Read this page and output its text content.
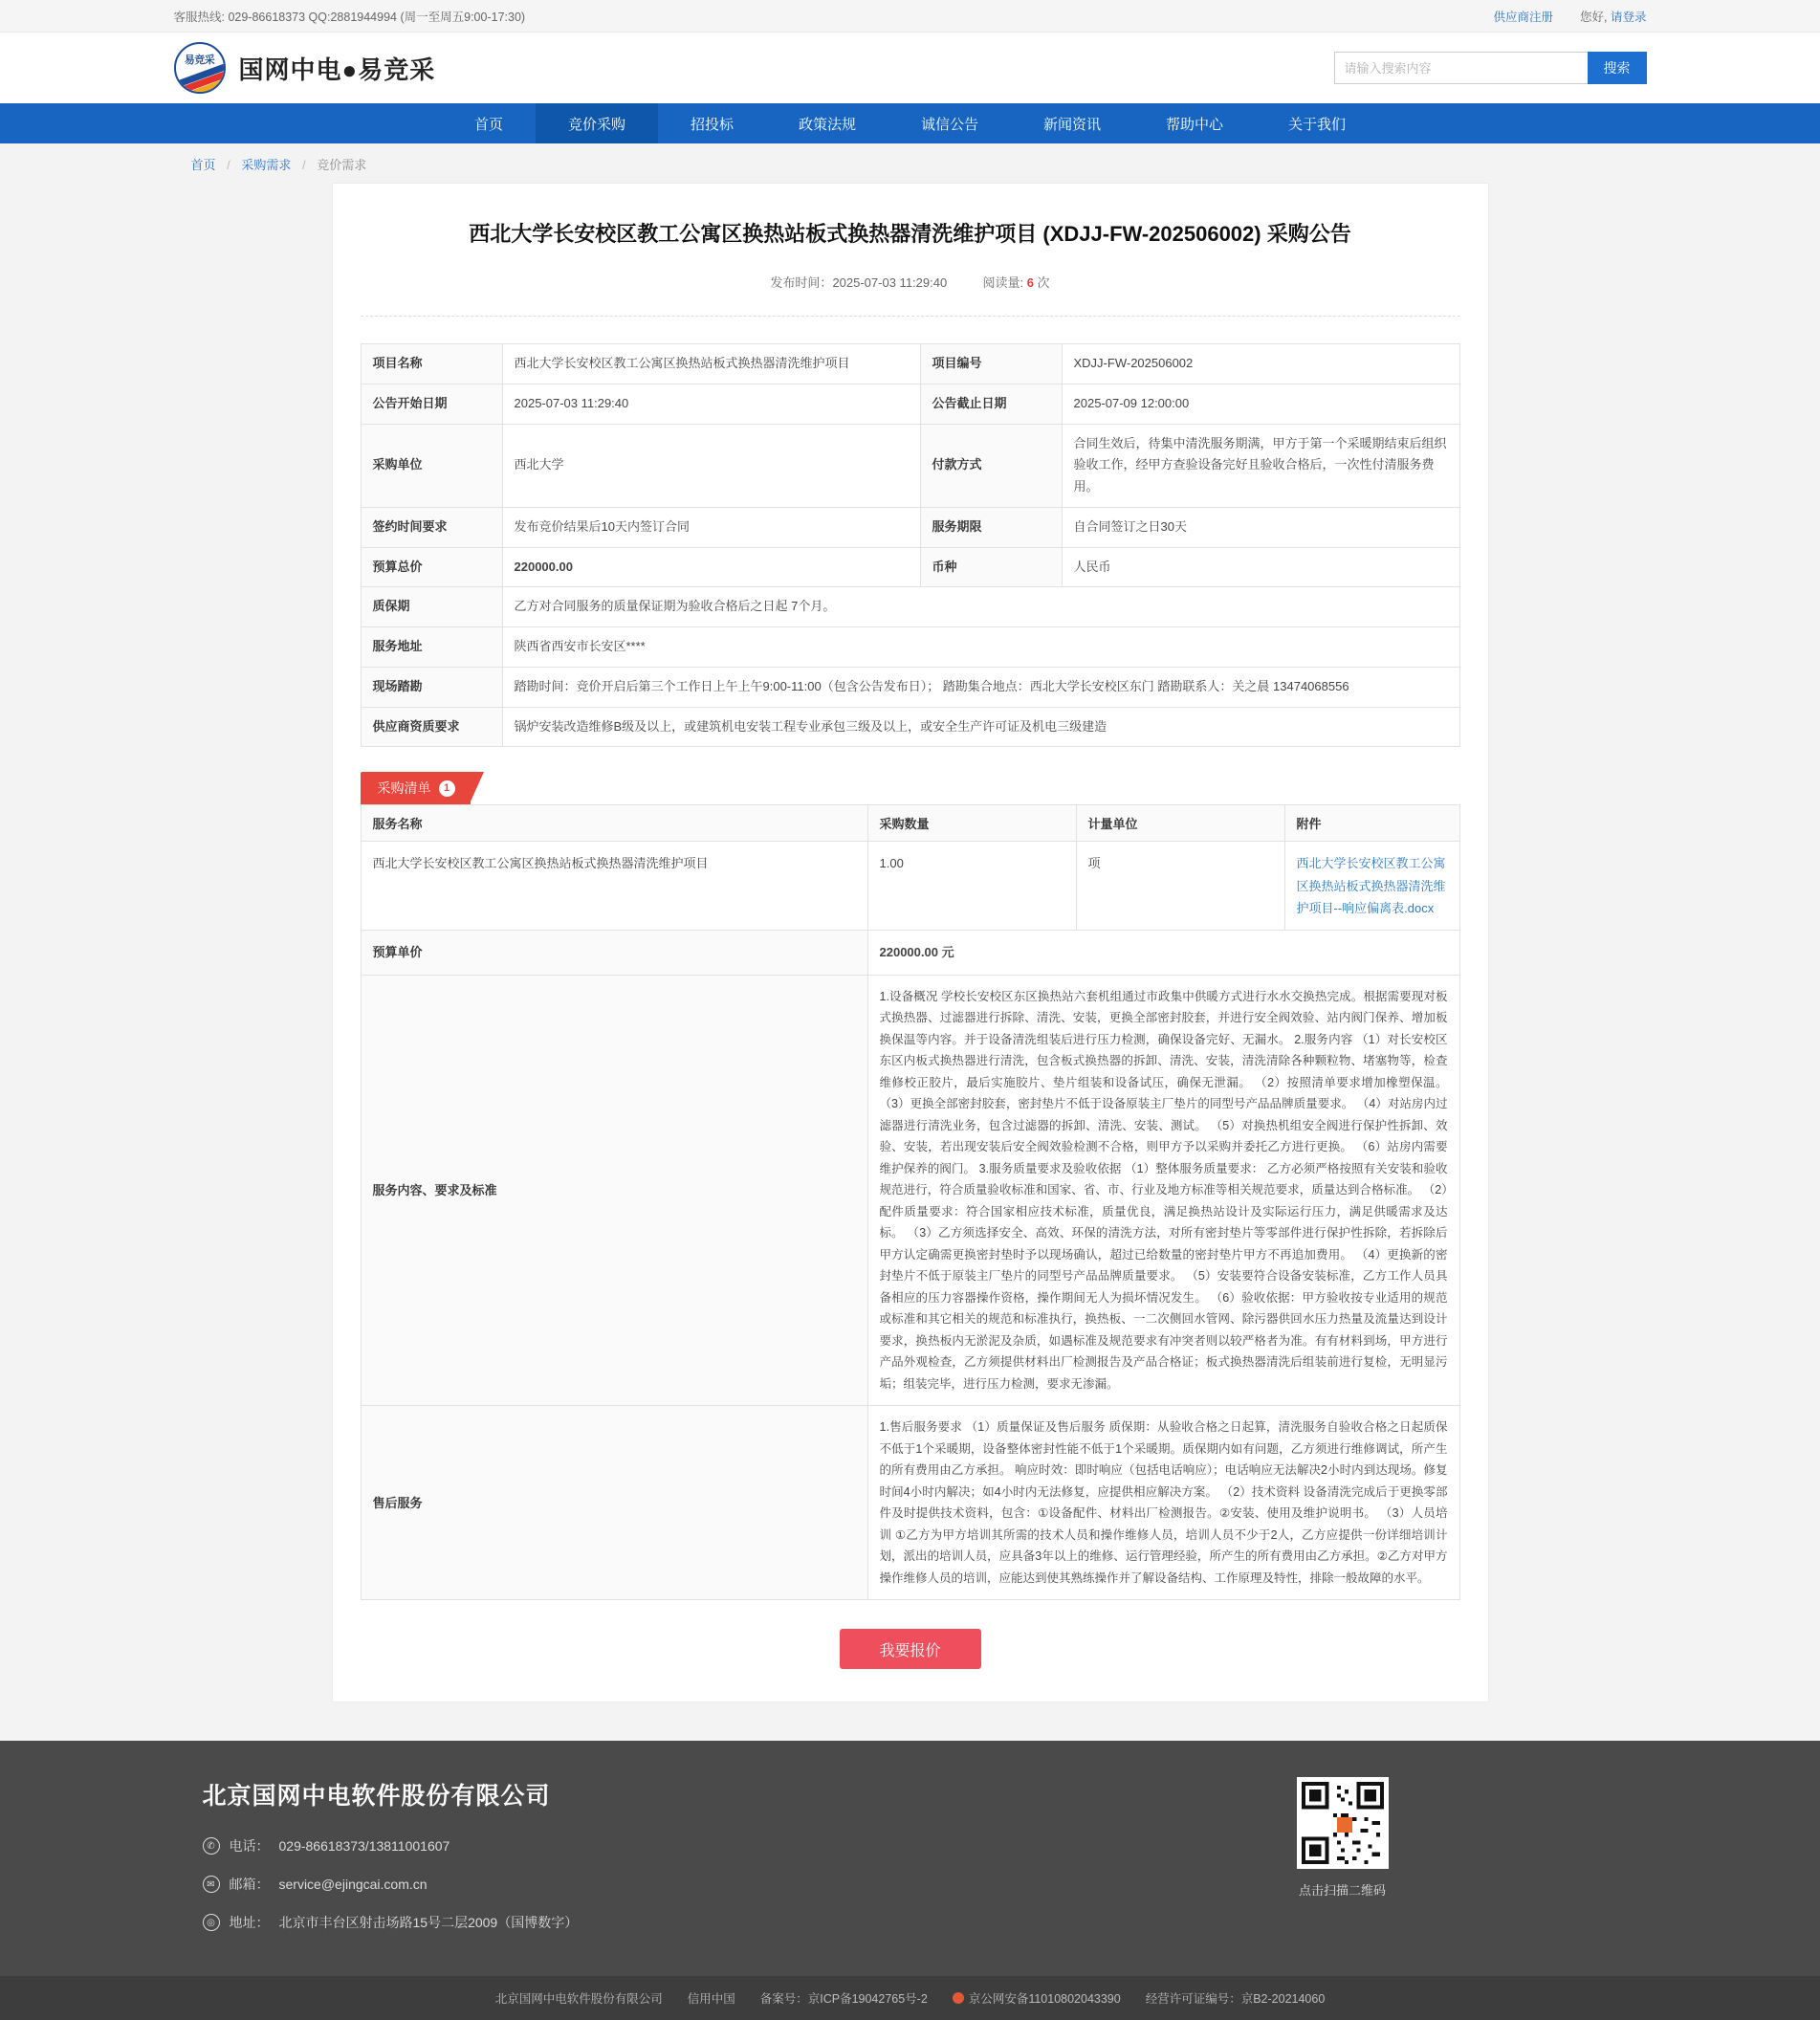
客服热线: 029-86618373 QQ:2881944994 (周一至周五9:00-17:30)	供应商注册 您好, 请登录
易竞采 国网中电●易竞采
请输入搜索内容	搜索
首页	竞价采购	招投标	政策法规	诚信公告	新闻资讯	帮助中心	关于我们
首页 / 采购需求 / 竞价需求
西北大学长安校区教工公寓区换热站板式换热器清洗维护项目 (XDJJ-FW-202506002) 采购公告
发布时间：2025-07-03 11:29:40	阅读量: 6 次
项目名称	西北大学长安校区教工公寓区换热站板式换热器清洗维护项目	项目编号	XDJJ-FW-202506002
公告开始日期	2025-07-03 11:29:40	公告截止日期	2025-07-09 12:00:00
采购单位	西北大学	付款方式	合同生效后，待集中清洗服务期满，甲方于第一个采暖期结束后组织验收工作，经甲方查验设备完好且验收合格后，一次性付清服务费用。
签约时间要求	发布竞价结果后10天内签订合同	服务期限	自合同签订之日30天
预算总价	220000.00	币种	人民币
质保期	乙方对合同服务的质量保证期为验收合格后之日起 7个月。		
服务地址	陕西省西安市长安区****		
现场踏勘	踏勘时间：竞价开启后第三个工作日上午上午9:00-11:00（包含公告发布日）； 踏勘集合地点：西北大学长安校区东门 踏勘联系人：关之晨 13474068556		
供应商资质要求	锅炉安装改造维修B级及以上，或建筑机电安装工程专业承包三级及以上，或安全生产许可证及机电三级建造		
采购清单	1
服务名称	采购数量	计量单位	附件
西北大学长安校区教工公寓区换热站板式换热器清洗维护项目	1.00	项	西北大学长安校区教工公寓区换热站板式换热器清洗维护项目--响应偏离表.docx
预算单价	220000.00 元		
服务内容、要求及标准	1.设备概况 学校长安校区东区换热站六套机组通过市政集中供暖方式进行水水交换热完成。根据需要现对板式换热器、过滤器进行拆除、清洗、安装，更换全部密封胶套，并进行安全阀效验、站内阀门保养、增加板换保温等内容。并于设备清洗组装后进行压力检测，确保设备完好、无漏水。 2.服务内容 （1）对长安校区东区内板式换热器进行清洗，包含板式换热器的拆卸、清洗、安装，清洗清除各种颗粒物、堵塞物等，检查维修校正胶片，最后实施胶片、垫片组装和设备试压，确保无泄漏。 （2）按照清单要求增加橡塑保温。 （3）更换全部密封胶套，密封垫片不低于设备原装主厂垫片的同型号产品品牌质量要求。 （4）对站房内过滤器进行清洗业务，包含过滤器的拆卸、清洗、安装、测试。 （5）对换热机组安全阀进行保护性拆卸、效验、安装，若出现安装后安全阀效验检测不合格，则甲方予以采购并委托乙方进行更换。 （6）站房内需要维护保养的阀门。 3.服务质量要求及验收依据 （1）整体服务质量要求： 乙方必须严格按照有关安装和验收规范进行，符合质量验收标准和国家、省、市、行业及地方标准等相关规范要求，质量达到合格标准。 （2）配件质量要求：符合国家相应技术标准，质量优良，满足换热站设计及实际运行压力，满足供暖需求及达标。 （3）乙方须选择安全、高效、环保的清洗方法，对所有密封垫片等零部件进行保护性拆除，若拆除后甲方认定确需更换密封垫时予以现场确认，超过已给数量的密封垫片甲方不再追加费用。 （4）更换新的密封垫片不低于原装主厂垫片的同型号产品品牌质量要求。 （5）安装要符合设备安装标准，乙方工作人员具备相应的压力容器操作资格，操作期间无人为损坏情况发生。 （6）验收依据：甲方验收按专业适用的规范或标准和其它相关的规范和标准执行，换热板、一二次侧回水管网、除污器供回水压力热量及流量达到设计要求，换热板内无淤泥及杂质，如遇标准及规范要求有冲突者则以较严格者为准。有有材料到场，甲方进行产品外观检查，乙方须提供材料出厂检测报告及产品合格证；板式换热器清洗后组装前进行复检，无明显污垢；组装完毕，进行压力检测，要求无渗漏。		
售后服务	1.售后服务要求 （1）质量保证及售后服务 质保期：从验收合格之日起算，清洗服务自验收合格之日起质保不低于1个采暖期，设备整体密封性能不低于1个采暖期。质保期内如有问题，乙方须进行维修调试，所产生的所有费用由乙方承担。 响应时效：即时响应（包括电话响应）；电话响应无法解决2小时内到达现场。修复时间4小时内解决；如4小时内无法修复，应提供相应解决方案。 （2）技术资料 设备清洗完成后于更换零部件及时提供技术资料，包含：①设备配件、材料出厂检测报告。②安装、使用及维护说明书。 （3）人员培训 ①乙方为甲方培训其所需的技术人员和操作维修人员，培训人员不少于2人，乙方应提供一份详细培训计划，派出的培训人员，应具备3年以上的维修、运行管理经验，所产生的所有费用由乙方承担。②乙方对甲方操作维修人员的培训，应能达到使其熟练操作并了解设备结构、工作原理及特性，排除一般故障的水平。		
我要报价
北京国网中电软件股份有限公司
✆	电话： 029-86618373/13811001607
✉	邮箱： service@ejingcai.com.cn
◎	地址： 北京市丰台区射击场路15号二层2009（国博数字）
点击扫描二维码
北京国网中电软件股份有限公司 信用中国 备案号：京ICP备19042765号-2	京公网安备11010802043390 经营许可证编号：京B2-20214060
